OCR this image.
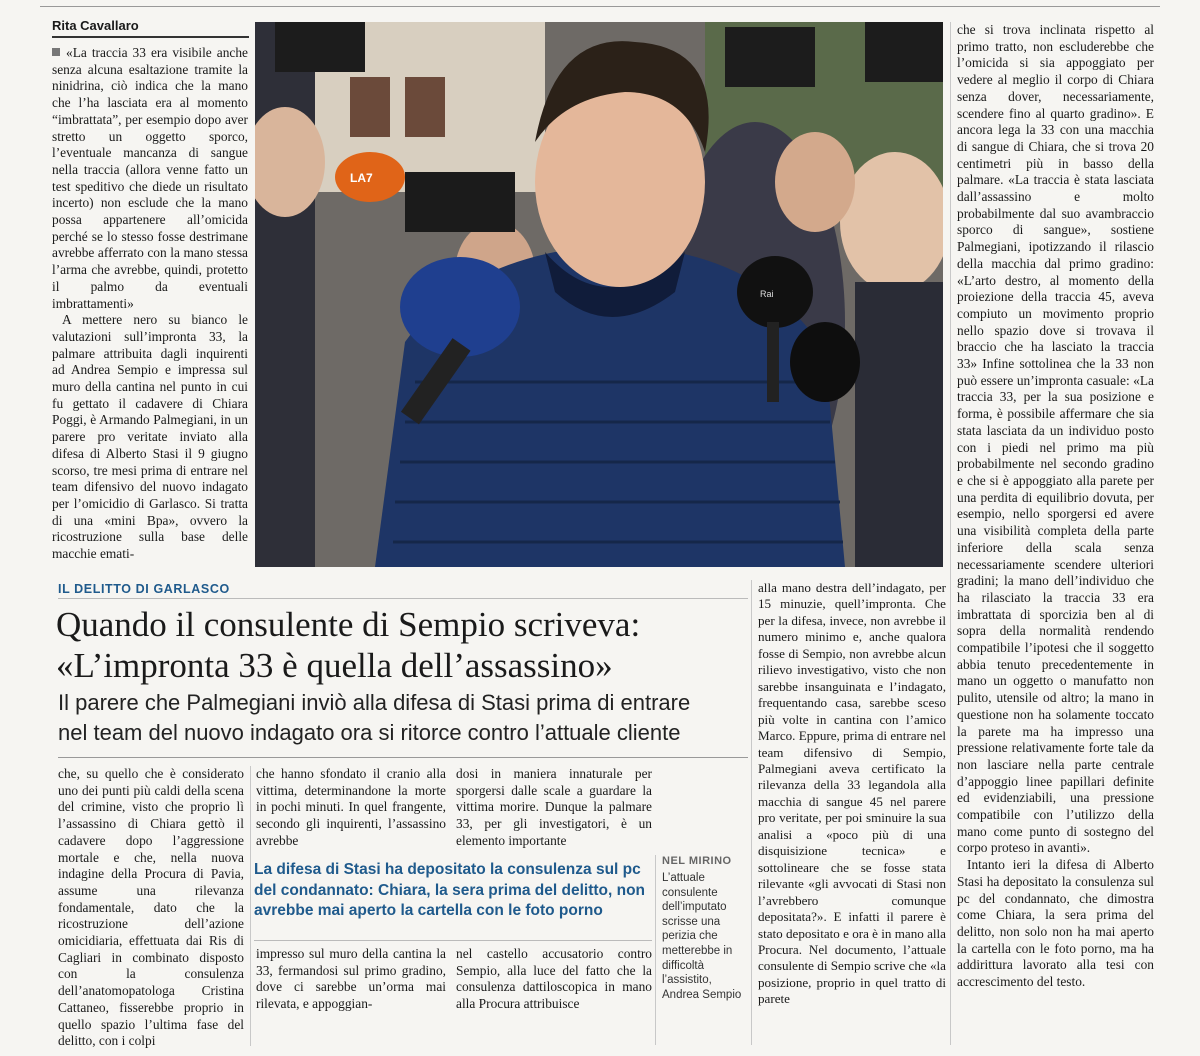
Rita Cavallaro

«La traccia 33 era visibile anche senza alcuna esaltazione tramite la ninidrina, ciò indica che la mano che l’ha lasciata era al momento “imbrattata”, per esempio dopo aver stretto un oggetto sporco, l’eventuale mancanza di sangue nella traccia (allora venne fatto un test speditivo che diede un risultato incerto) non esclude che la mano possa appartenere all’omicida perché se lo stesso fosse destrimane avrebbe afferrato con la mano stessa l’arma che avrebbe, quindi, protetto il palmo da eventuali imbrattamenti»

A mettere nero su bianco le valutazioni sull’impronta 33, la palmare attribuita dagli inquirenti ad Andrea Sempio e impressa sul muro della cantina nel punto in cui fu gettato il cadavere di Chiara Poggi, è Armando Palmegiani, in un parere pro veritate inviato alla difesa di Alberto Stasi il 9 giugno scorso, tre mesi prima di entrare nel team difensivo del nuovo indagato per l’omicidio di Garlasco. Si tratta di una «mini Bpa», ovvero la ricostruzione sulla base delle macchie emati-

LA7
Rai

che si trova inclinata rispetto al primo tratto, non escluderebbe che l’omicida si sia appoggiato per vedere al meglio il corpo di Chiara senza dover, necessariamente, scendere fino al quarto gradino». E ancora lega la 33 con una macchia di sangue di Chiara, che si trova 20 centimetri più in basso della palmare. «La traccia è stata lasciata dall’assassino e molto probabilmente dal suo avambraccio sporco di sangue», sostiene Palmegiani, ipotizzando il rilascio della macchia dal primo gradino: «L’arto destro, al momento della proiezione della traccia 45, aveva compiuto un movimento proprio nello spazio dove si trovava il braccio che ha lasciato la traccia 33» Infine sottolinea che la 33 non può essere un’impronta casuale: «La traccia 33, per la sua posizione e forma, è possibile affermare che sia stata lasciata da un individuo posto con i piedi nel primo ma più probabilmente nel secondo gradino e che si è appoggiato alla parete per una perdita di equilibrio dovuta, per esempio, nello sporgersi ed avere una visibilità completa della parte inferiore della scala senza necessariamente scendere ulteriori gradini; la mano dell’individuo che ha rilasciato la traccia 33 era imbrattata di sporcizia ben al di sopra della normalità rendendo compatibile l’ipotesi che il soggetto abbia tenuto precedentemente in mano un oggetto o manufatto non pulito, utensile od altro; la mano in questione non ha solamente toccato la parete ma ha impresso una pressione relativamente forte tale da non lasciare nella parte centrale d’appoggio linee papillari definite ed evidenziabili, una pressione compatibile con l’utilizzo della mano come punto di sostegno del corpo proteso in avanti».

Intanto ieri la difesa di Alberto Stasi ha depositato la consulenza sul pc del condannato, che dimostra come Chiara, la sera prima del delitto, non solo non ha mai aperto la cartella con le foto porno, ma ha addirittura lavorato alla tesi con accrescimento del testo.

IL DELITTO DI GARLASCO
Quando il consulente di Sempio scriveva:
«L’impronta 33 è quella dell’assassino»
Il parere che Palmegiani inviò alla difesa di Stasi prima di entrare
nel team del nuovo indagato ora si ritorce contro l’attuale cliente

alla mano destra dell’indagato, per 15 minuzie, quell’impronta. Che per la difesa, invece, non avrebbe il numero minimo e, anche qualora fosse di Sempio, non avrebbe alcun rilievo investigativo, visto che non sarebbe insanguinata e l’indagato, frequentando casa, sarebbe sceso più volte in cantina con l’amico Marco. Eppure, prima di entrare nel team difensivo di Sempio, Palmegiani aveva certificato la rilevanza della 33 legandola alla macchia di sangue 45 nel parere pro veritate, per poi sminuire la sua analisi a «poco più di una disquisizione tecnica» e sottolineare che se fosse stata rilevante «gli avvocati di Stasi non l’avrebbero comunque depositata?». E infatti il parere è stato depositato e ora è in mano alla Procura. Nel documento, l’attuale consulente di Sempio scrive che «la posizione, proprio in quel tratto di parete

che, su quello che è considerato uno dei punti più caldi della scena del crimine, visto che proprio lì l’assassino di Chiara gettò il cadavere dopo l’aggressione mortale e che, nella nuova indagine della Procura di Pavia, assume una rilevanza fondamentale, dato che la ricostruzione dell’azione omicidiaria, effettuata dai Ris di Cagliari in combinato disposto con la consulenza dell’anatomopatologa Cristina Cattaneo, fisserebbe proprio in quello spazio l’ultima fase del delitto, con i colpi

che hanno sfondato il cranio alla vittima, determinandone la morte in pochi minuti. In quel frangente, secondo gli inquirenti, l’assassino avrebbe

dosi in maniera innaturale per sporgersi dalle scale a guardare la vittima morire. Dunque la palmare 33, per gli investigatori, è un elemento importante

La difesa di Stasi ha depositato la consulenza sul pc del condannato: Chiara, la sera prima del delitto, non avrebbe mai aperto la cartella con le foto porno

impresso sul muro della cantina la 33, fermandosi sul primo gradino, dove ci sarebbe un’orma mai rilevata, e appoggian-

nel castello accusatorio contro Sempio, alla luce del fatto che la consulenza dattiloscopica in mano alla Procura attribuisce

NEL MIRINO
L’attuale consulente dell’imputato scrisse una perizia che metterebbe in difficoltà l’assistito, Andrea Sempio
